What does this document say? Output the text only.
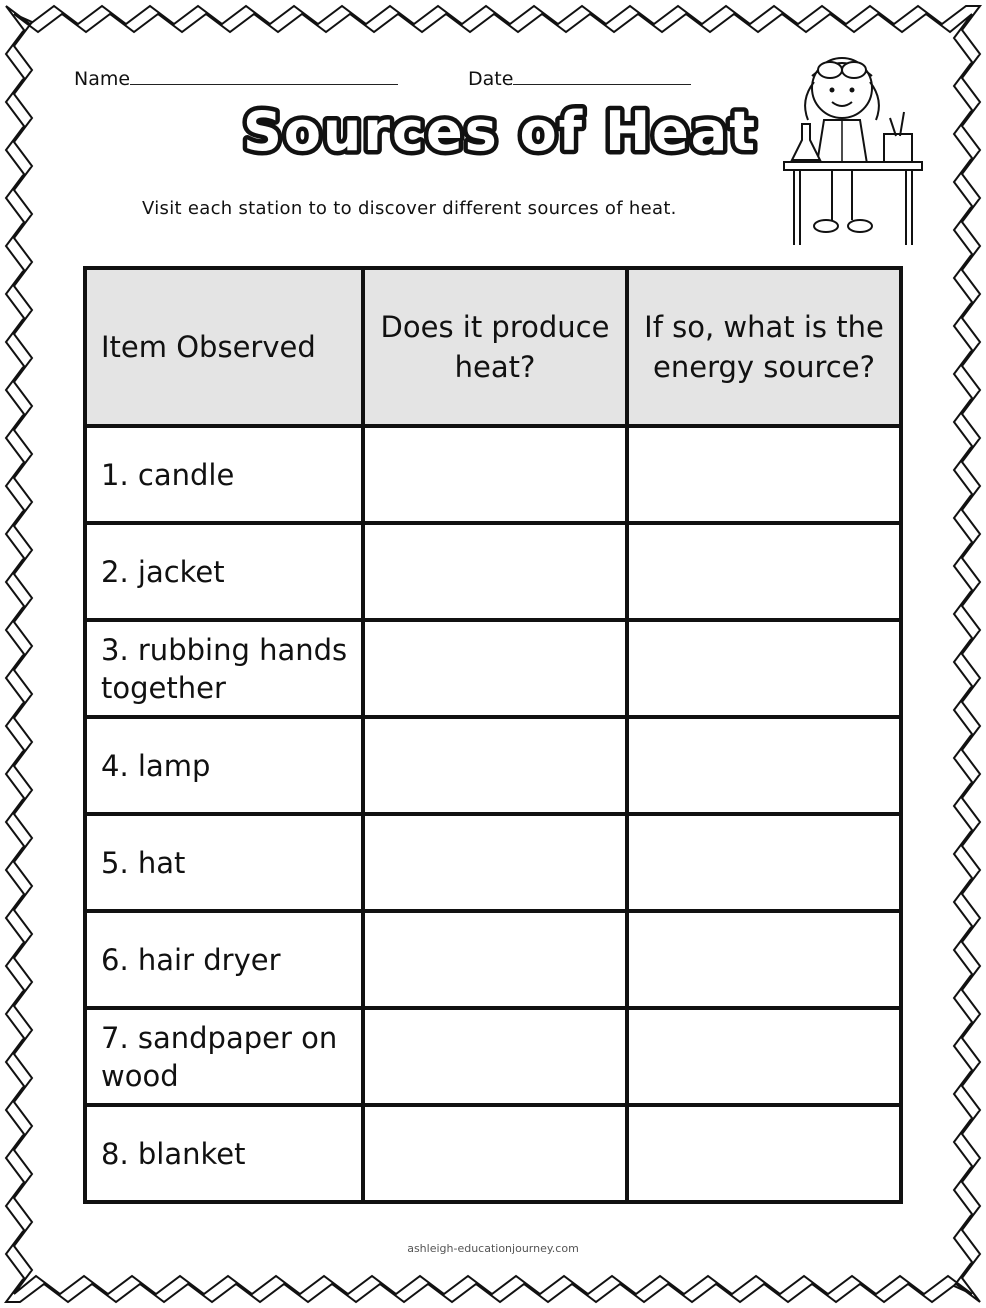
Name	Date
Sources of Heat
Visit each station to to discover different sources of heat.
Item Observed	Does it produce heat?	If so, what is the energy source?
1. candle		
2. jacket		
3. rubbing hands together		
4. lamp		
5. hat		
6. hair dryer		
7. sandpaper on wood		
8. blanket		
ashleigh-educationjourney.com
